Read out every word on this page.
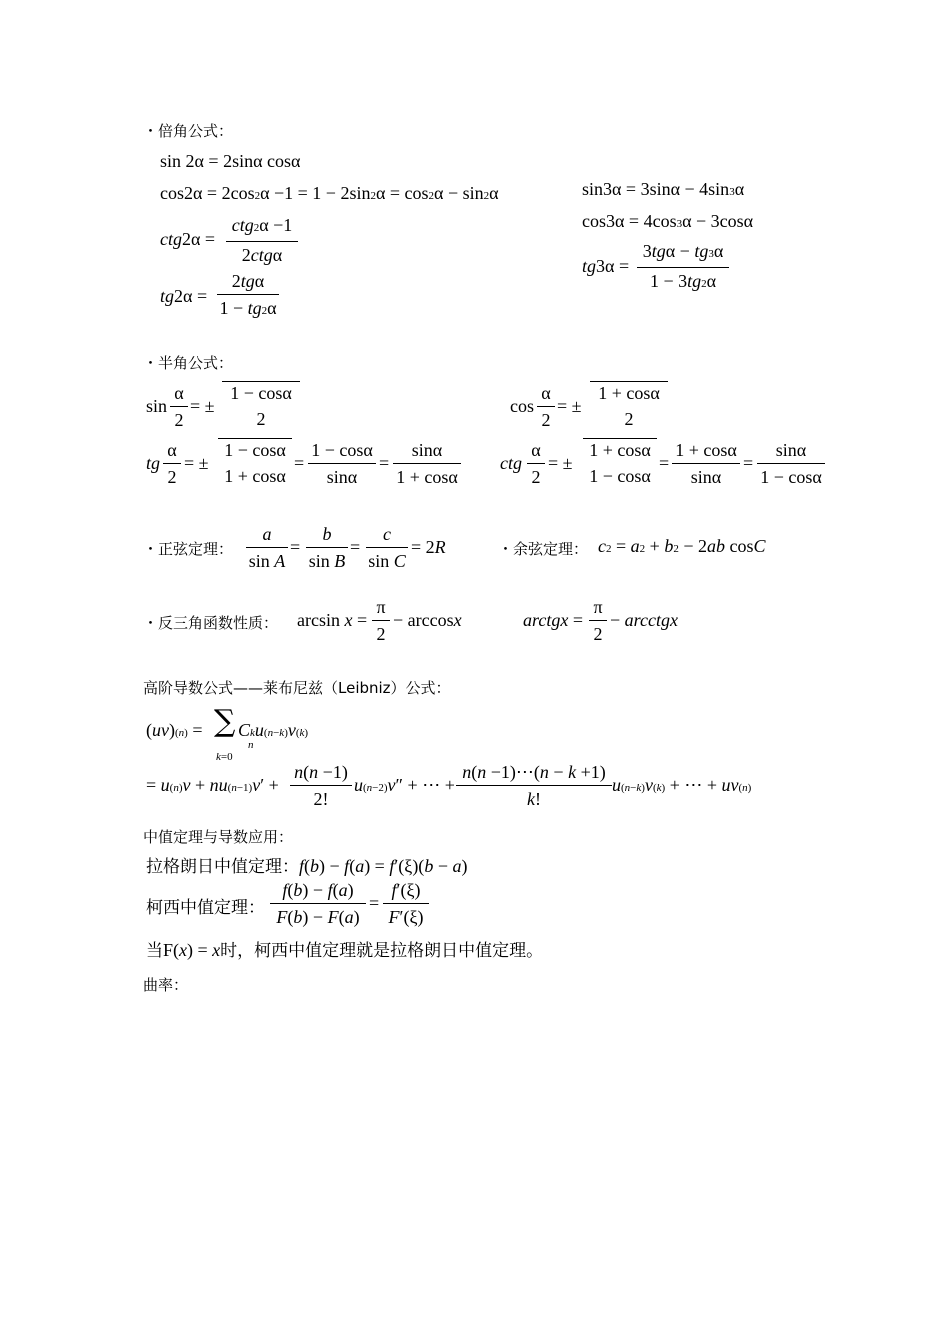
・倍角公式：
sin 2α = 2sinα cosα
cos2α = 2cos2α −1 = 1 − 2sin2α = cos2α − sin2α
ctg2α =
ctg2α −1
2ctgα
tg2α =
2tgα
1 − tg2α
sin3α = 3sinα − 4sin3α
cos3α = 4cos3α − 3cosα
tg3α =
3tgα − tg3α
1 − 3tg2α
・半角公式：
sin
α
2
= ±
1 − cosα
2
cos
α
2
= ±
1 + cosα
2
tg
α
2
= ±
1 − cosα
1 + cosα
=
1 − cosα
sinα
=
sinα
1 + cosα
ctg
α
2
= ±
1 + cosα
1 − cosα
=
1 + cosα
sinα
=
sinα
1 − cosα
・正弦定理：
a
sin A
=
b
sin B
=
c
sin C
= 2R	・余弦定理： c2 = a2 + b2 − 2ab cosC
・反三角函数性质： arcsin x =
π
2
− arccosx	arctgx =
π
2
− arcctgx
高阶导数公式——莱布尼兹（Leibniz）公式：
(uv)(n) = ∑
k=0
n
Cku(n−k)v(k)
= u(n)v + nu(n−1)v′ +
n(n −1)
2!
u(n−2)v″ + ⋯ +
n(n −1)⋯(n − k +1)
k!
u(n−k)v(k) + ⋯ + uv(n)
中值定理与导数应用：
拉格朗日中值定理：f(b) − f(a) = f′(ξ)(b − a)
柯西中值定理：
f(b) − f(a)
F(b) − F(a)
=
f′(ξ)
F′(ξ)
当F(x) = x时，柯西中值定理就是拉格朗日中值定理。
曲率：
